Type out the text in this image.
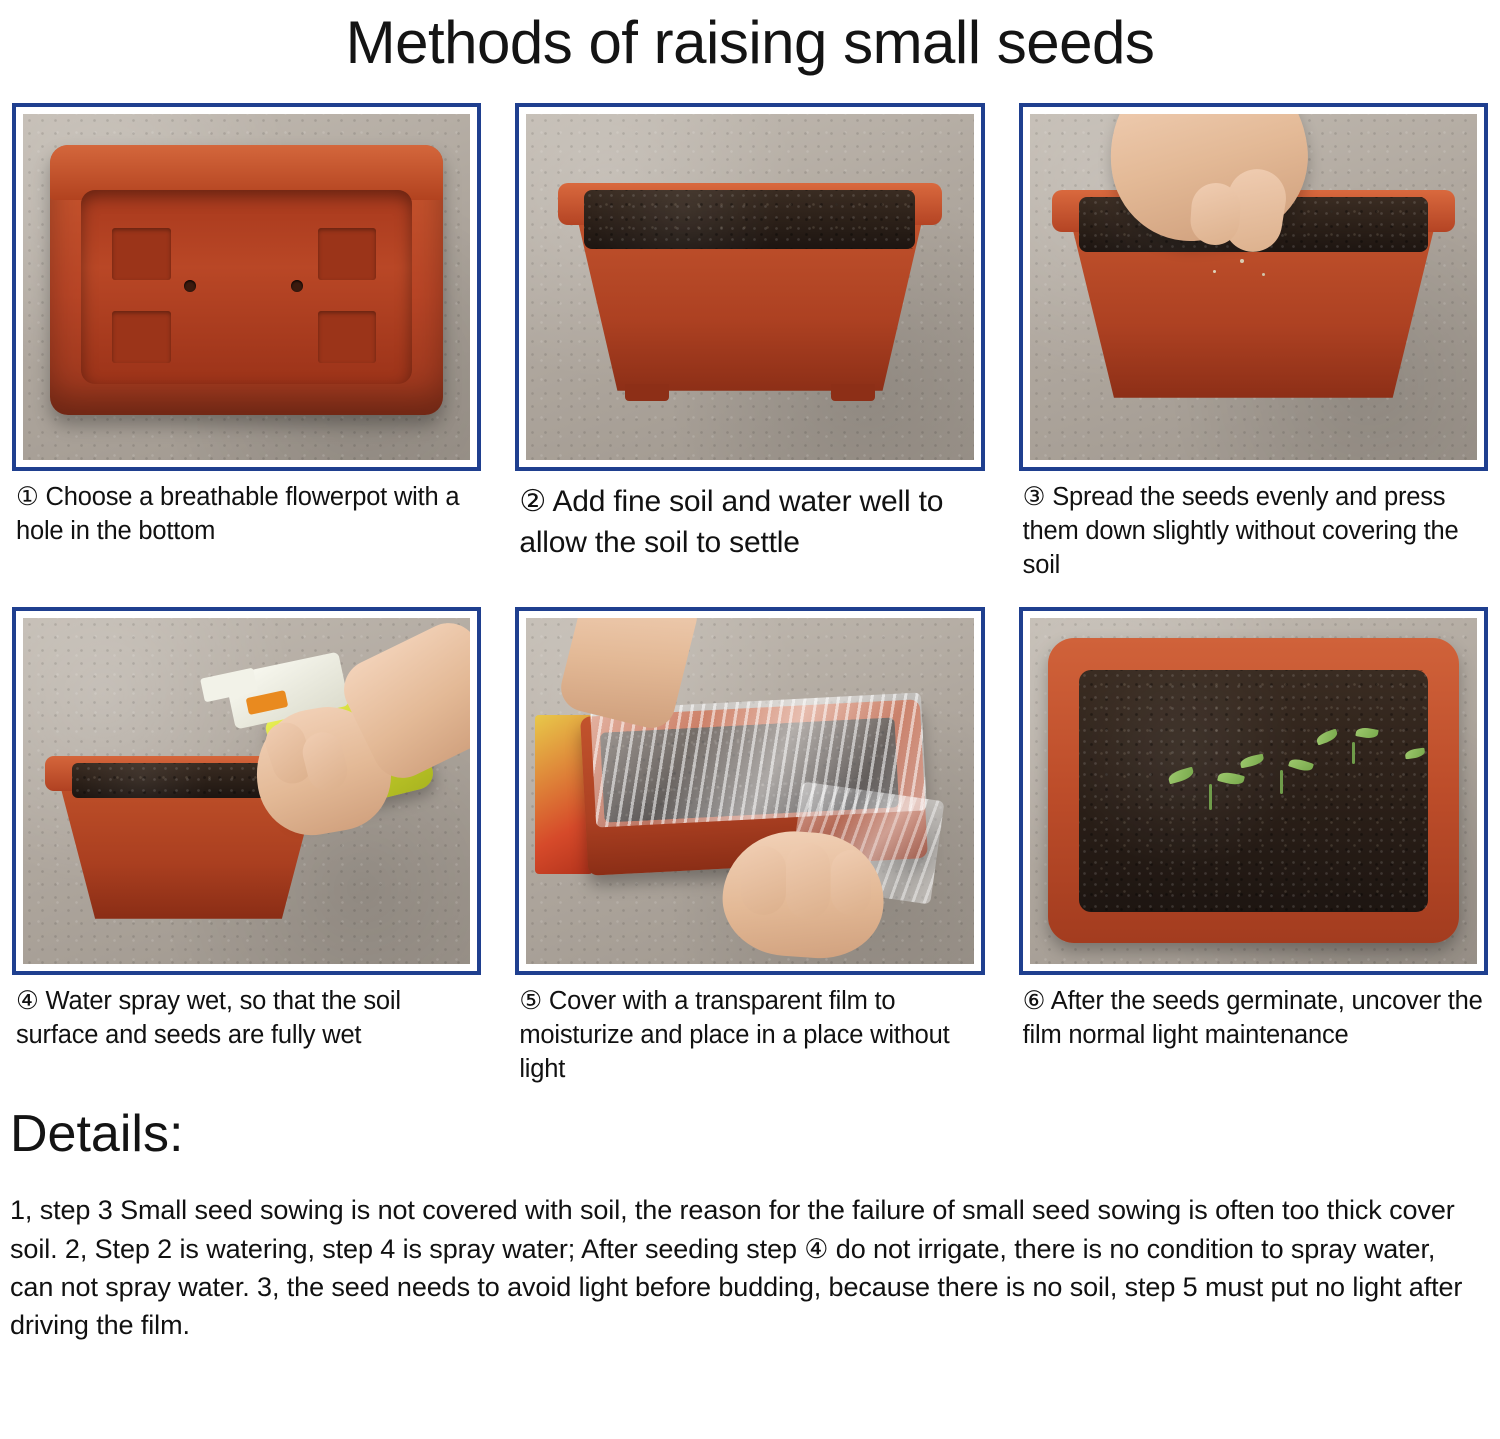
Methods of raising small seeds
① Choose a breathable flowerpot with a hole in the bottom
② Add fine soil and water well to allow the soil to settle
③ Spread the seeds evenly and press them down slightly without covering the soil
④ Water spray wet, so that the soil surface and seeds are fully wet
⑤ Cover with a transparent film to moisturize and place in a place without light
⑥ After the seeds germinate, uncover the film normal light maintenance
Details:

1, step 3 Small seed sowing is not covered with soil, the reason for the failure of small seed sowing is often too thick cover soil. 2, Step 2 is watering, step 4 is spray water; After seeding step ④ do not irrigate, there is no condition to spray water, can not spray water. 3, the seed needs to avoid light before budding, because there is no soil, step 5 must put no light after driving the film.
